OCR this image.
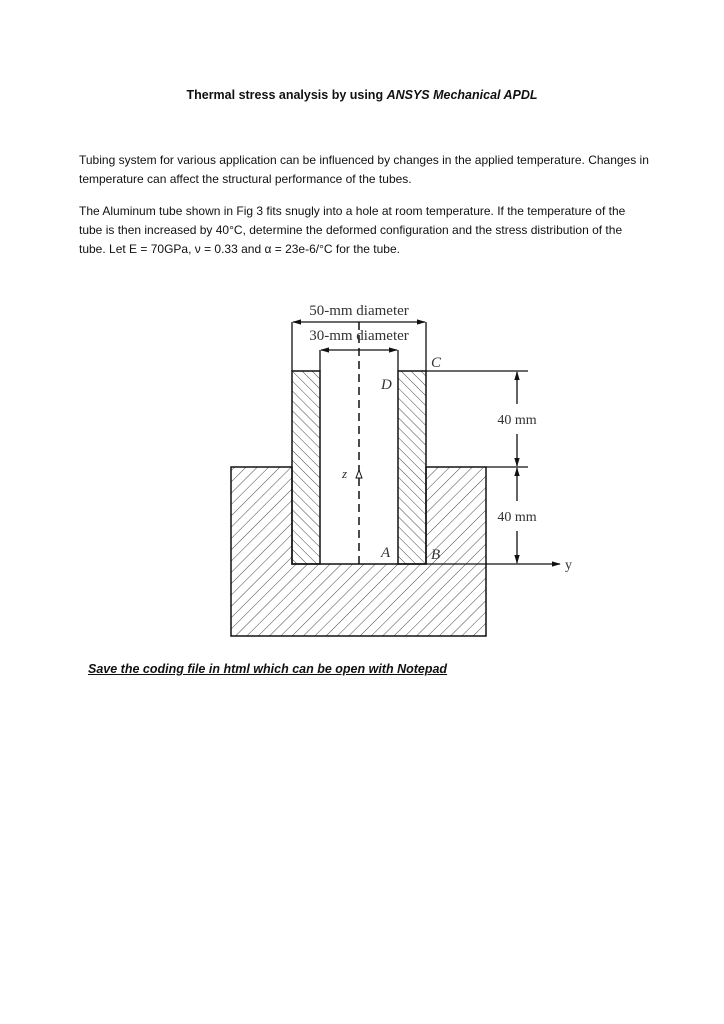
Thermal stress analysis by using ANSYS Mechanical APDL
Tubing system for various application can be influenced by changes in the applied temperature. Changes in temperature can affect the structural performance of the tubes.
The Aluminum tube shown in Fig 3 fits snugly into a hole at room temperature. If the temperature of the tube is then increased by 40°C, determine the deformed configuration and the stress distribution of the tube. Let E = 70GPa, ν = 0.33 and α = 23e-6/°C for the tube.
z
50-mm diameter
30-mm diameter
y
40 mm
40 mm
C
D
A	B
Save the coding file in html which can be open with Notepad
